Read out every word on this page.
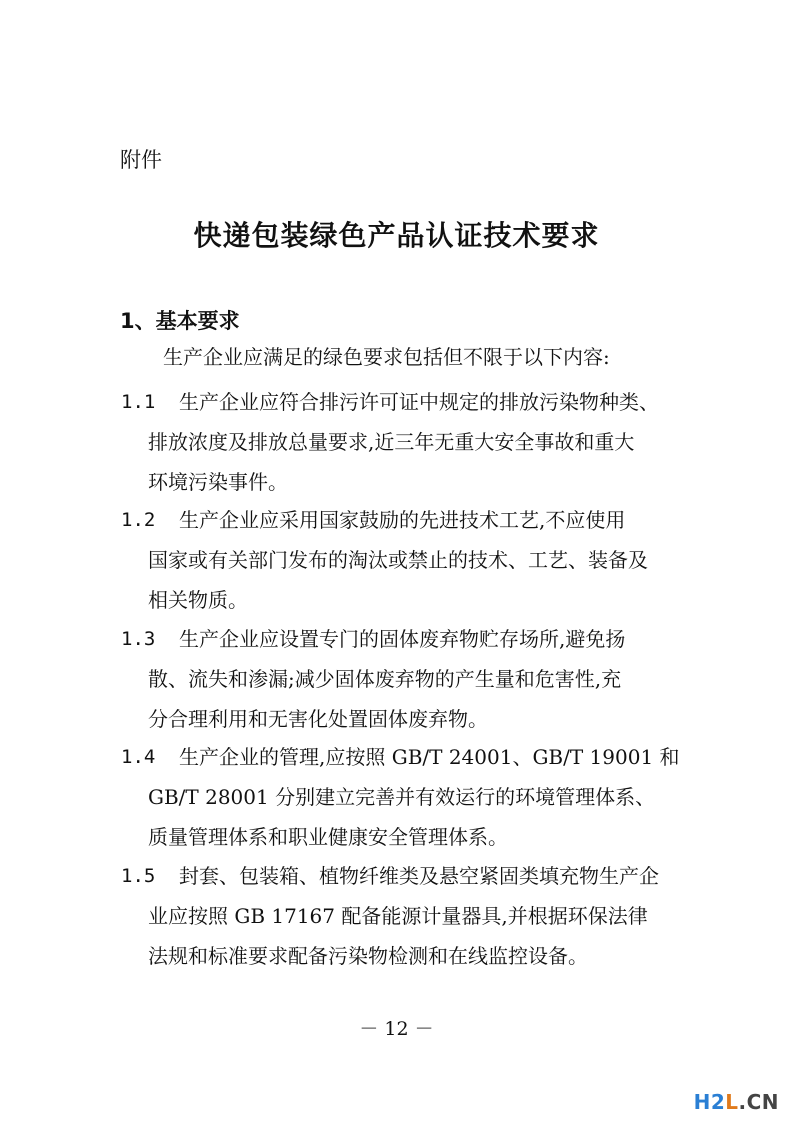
附件
快递包装绿色产品认证技术要求
1、基本要求
生产企业应满足的绿色要求包括但不限于以下内容:
1.1 生产企业应符合排污许可证中规定的排放污染物种类、
排放浓度及排放总量要求,近三年无重大安全事故和重大
环境污染事件。
1.2 生产企业应采用国家鼓励的先进技术工艺,不应使用
国家或有关部门发布的淘汰或禁止的技术、工艺、装备及
相关物质。
1.3 生产企业应设置专门的固体废弃物贮存场所,避免扬
散、流失和渗漏;减少固体废弃物的产生量和危害性,充
分合理利用和无害化处置固体废弃物。
1.4 生产企业的管理,应按照 GB/T 24001、GB/T 19001 和
GB/T 28001 分别建立完善并有效运行的环境管理体系、
质量管理体系和职业健康安全管理体系。
1.5 封套、包装箱、植物纤维类及悬空紧固类填充物生产企
业应按照 GB 17167 配备能源计量器具,并根据环保法律
法规和标准要求配备污染物检测和在线监控设备。
－ 12 －
H2L.CN
